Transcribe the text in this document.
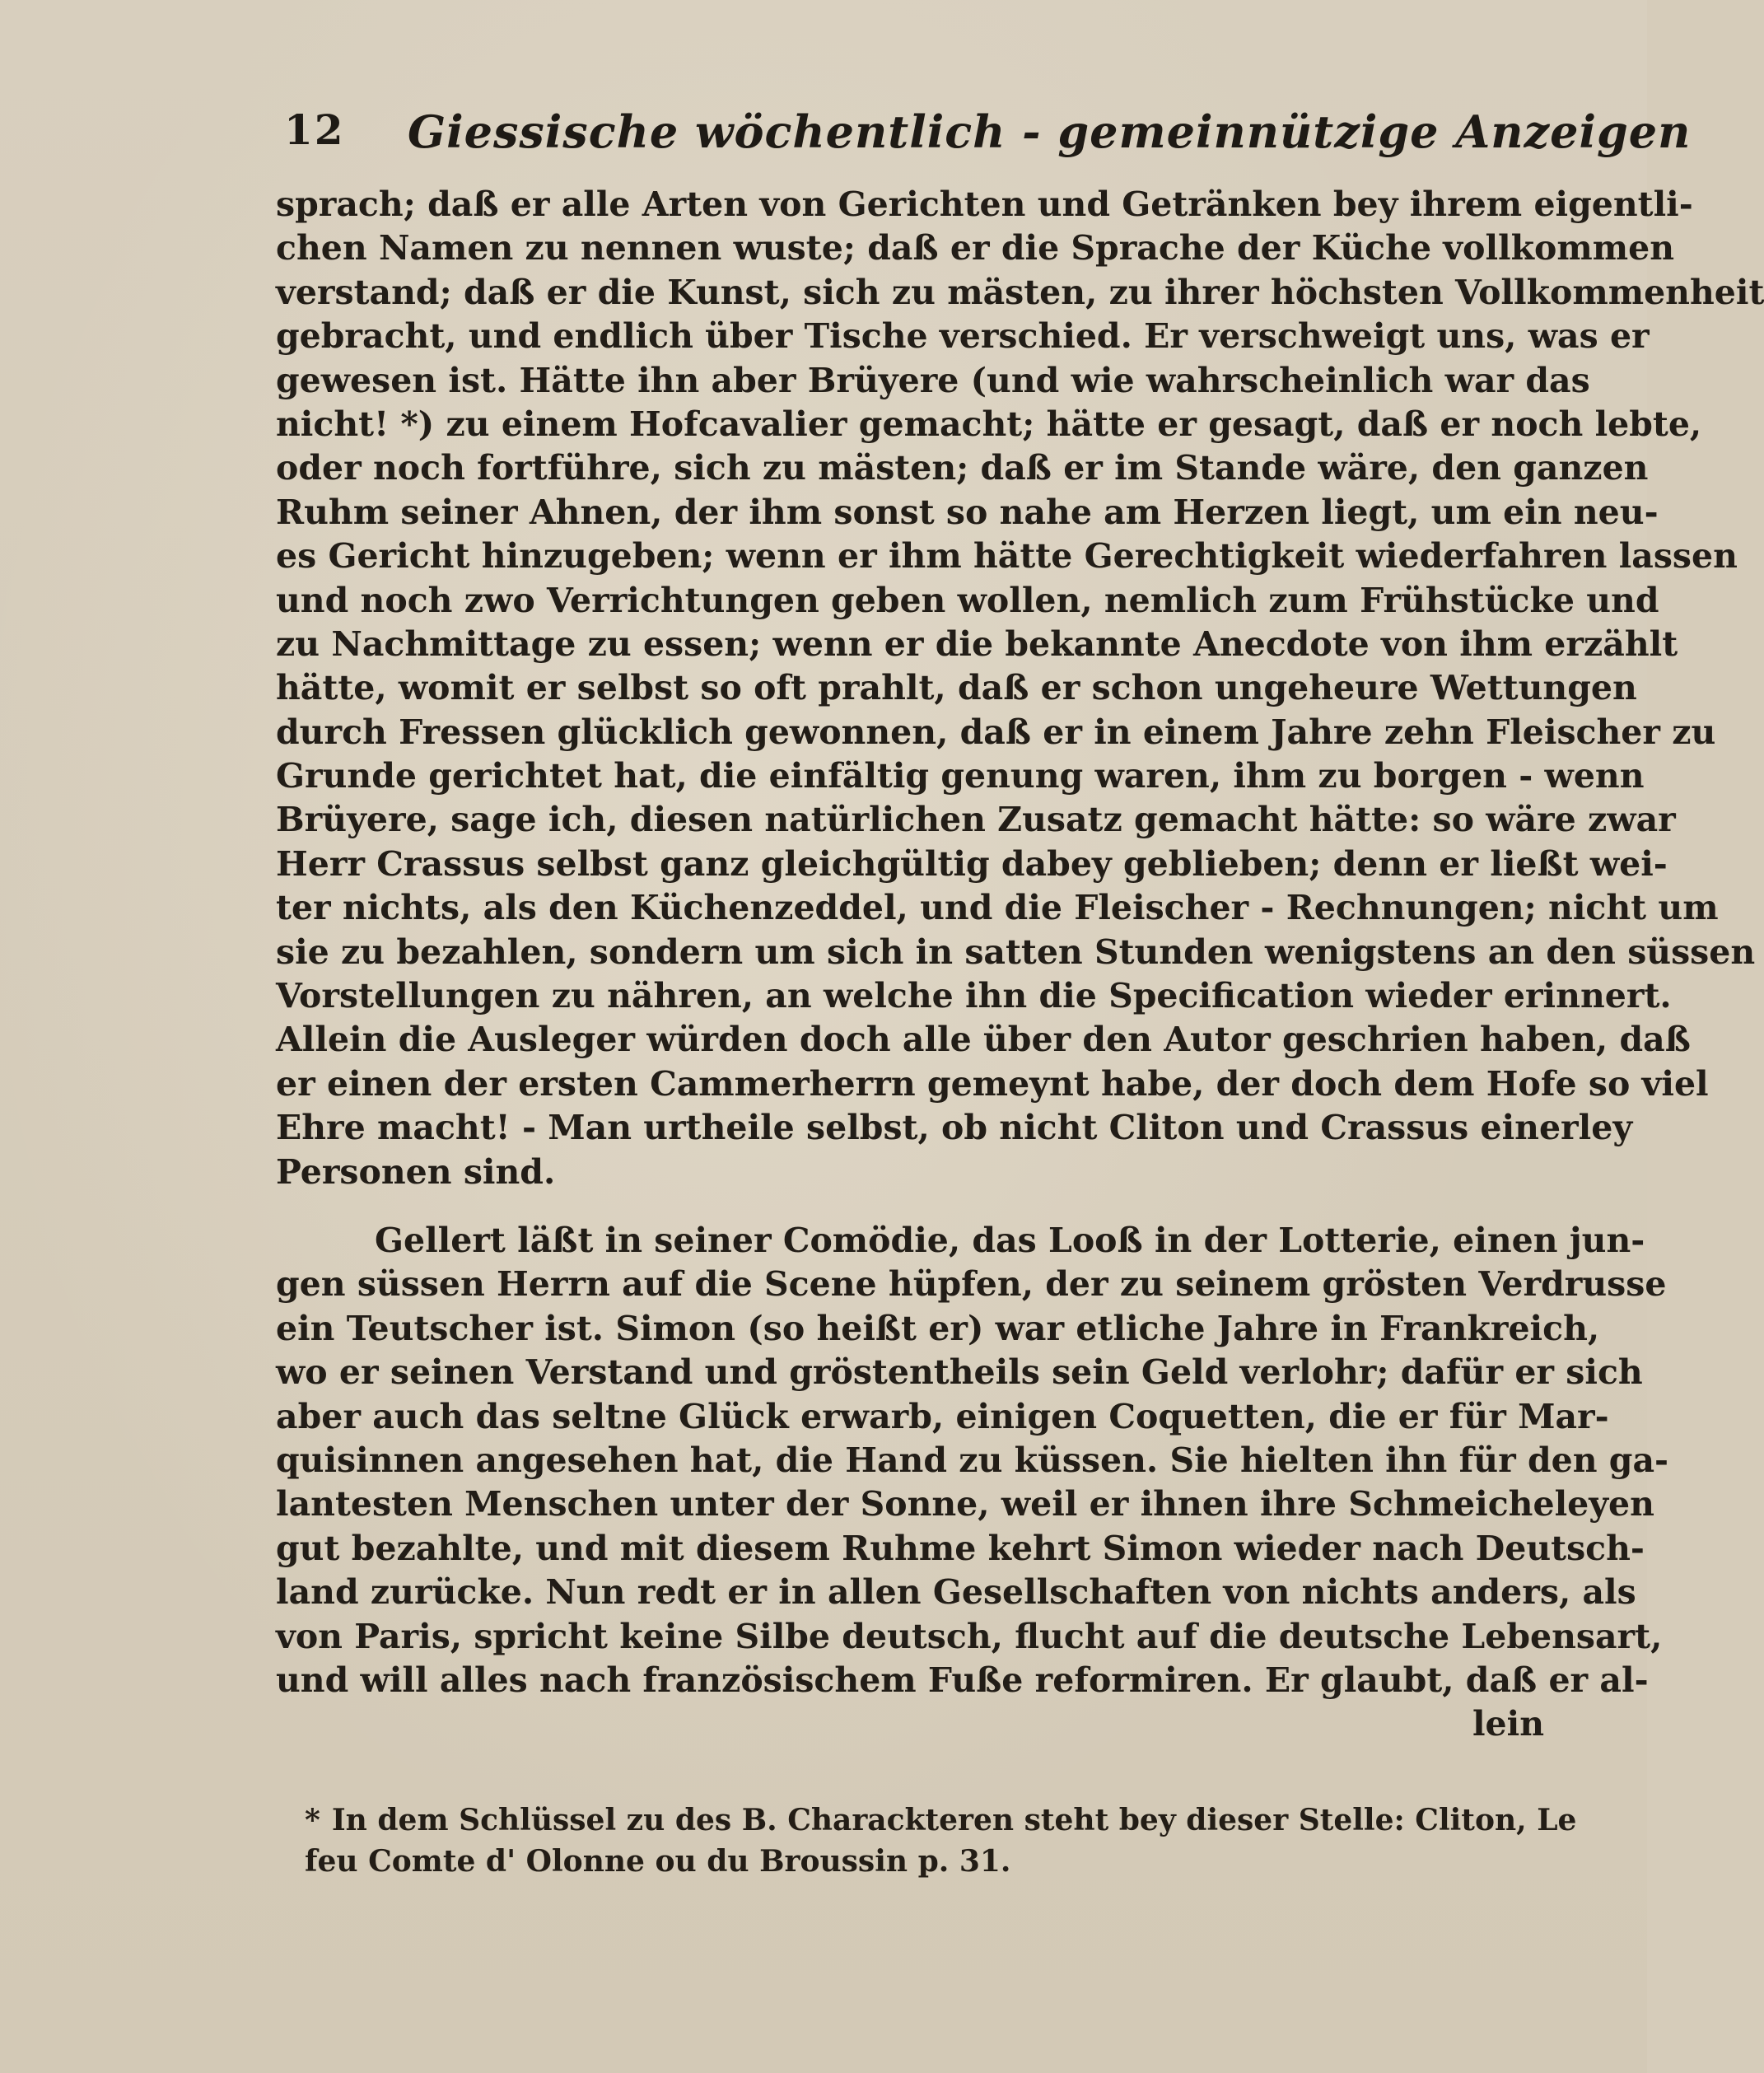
12 Giessische wöchentlich - gemeinnützige Anzeigen
sprach; daß er alle Arten von Gerichten und Getränken bey ihrem eigentli-
chen Namen zu nennen wuste; daß er die Sprache der Küche vollkommen
verstand; daß er die Kunst, sich zu mästen, zu ihrer höchsten Vollkommenheit
gebracht, und endlich über Tische verschied. Er verschweigt uns, was er
gewesen ist. Hätte ihn aber Brüyere (und wie wahrscheinlich war das
nicht! *) zu einem Hofcavalier gemacht; hätte er gesagt, daß er noch lebte,
oder noch fortführe, sich zu mästen; daß er im Stande wäre, den ganzen
Ruhm seiner Ahnen, der ihm sonst so nahe am Herzen liegt, um ein neu-
es Gericht hinzugeben; wenn er ihm hätte Gerechtigkeit wiederfahren lassen
und noch zwo Verrichtungen geben wollen, nemlich zum Frühstücke und
zu Nachmittage zu essen; wenn er die bekannte Anecdote von ihm erzählt
hätte, womit er selbst so oft prahlt, daß er schon ungeheure Wettungen
durch Fressen glücklich gewonnen, daß er in einem Jahre zehn Fleischer zu
Grunde gerichtet hat, die einfältig genung waren, ihm zu borgen - wenn
Brüyere, sage ich, diesen natürlichen Zusatz gemacht hätte: so wäre zwar
Herr Crassus selbst ganz gleichgültig dabey geblieben; denn er ließt wei-
ter nichts, als den Küchenzeddel, und die Fleischer - Rechnungen; nicht um
sie zu bezahlen, sondern um sich in satten Stunden wenigstens an den süssen
Vorstellungen zu nähren, an welche ihn die Specification wieder erinnert.
Allein die Ausleger würden doch alle über den Autor geschrien haben, daß
er einen der ersten Cammerherrn gemeynt habe, der doch dem Hofe so viel
Ehre macht! - Man urtheile selbst, ob nicht Cliton und Crassus einerley
Personen sind.
Gellert läßt in seiner Comödie, das Looß in der Lotterie, einen jun-
gen süssen Herrn auf die Scene hüpfen, der zu seinem grösten Verdrusse
ein Teutscher ist. Simon (so heißt er) war etliche Jahre in Frankreich,
wo er seinen Verstand und gröstentheils sein Geld verlohr; dafür er sich
aber auch das seltne Glück erwarb, einigen Coquetten, die er für Mar-
quisinnen angesehen hat, die Hand zu küssen. Sie hielten ihn für den ga-
lantesten Menschen unter der Sonne, weil er ihnen ihre Schmeicheleyen
gut bezahlte, und mit diesem Ruhme kehrt Simon wieder nach Deutsch-
land zurücke. Nun redt er in allen Gesellschaften von nichts anders, als
von Paris, spricht keine Silbe deutsch, flucht auf die deutsche Lebensart,
und will alles nach französischem Fuße reformiren. Er glaubt, daß er al-
lein
* In dem Schlüssel zu des B. Charackteren steht bey dieser Stelle: Cliton, Le
feu Comte d' Olonne ou du Broussin p. 31.
